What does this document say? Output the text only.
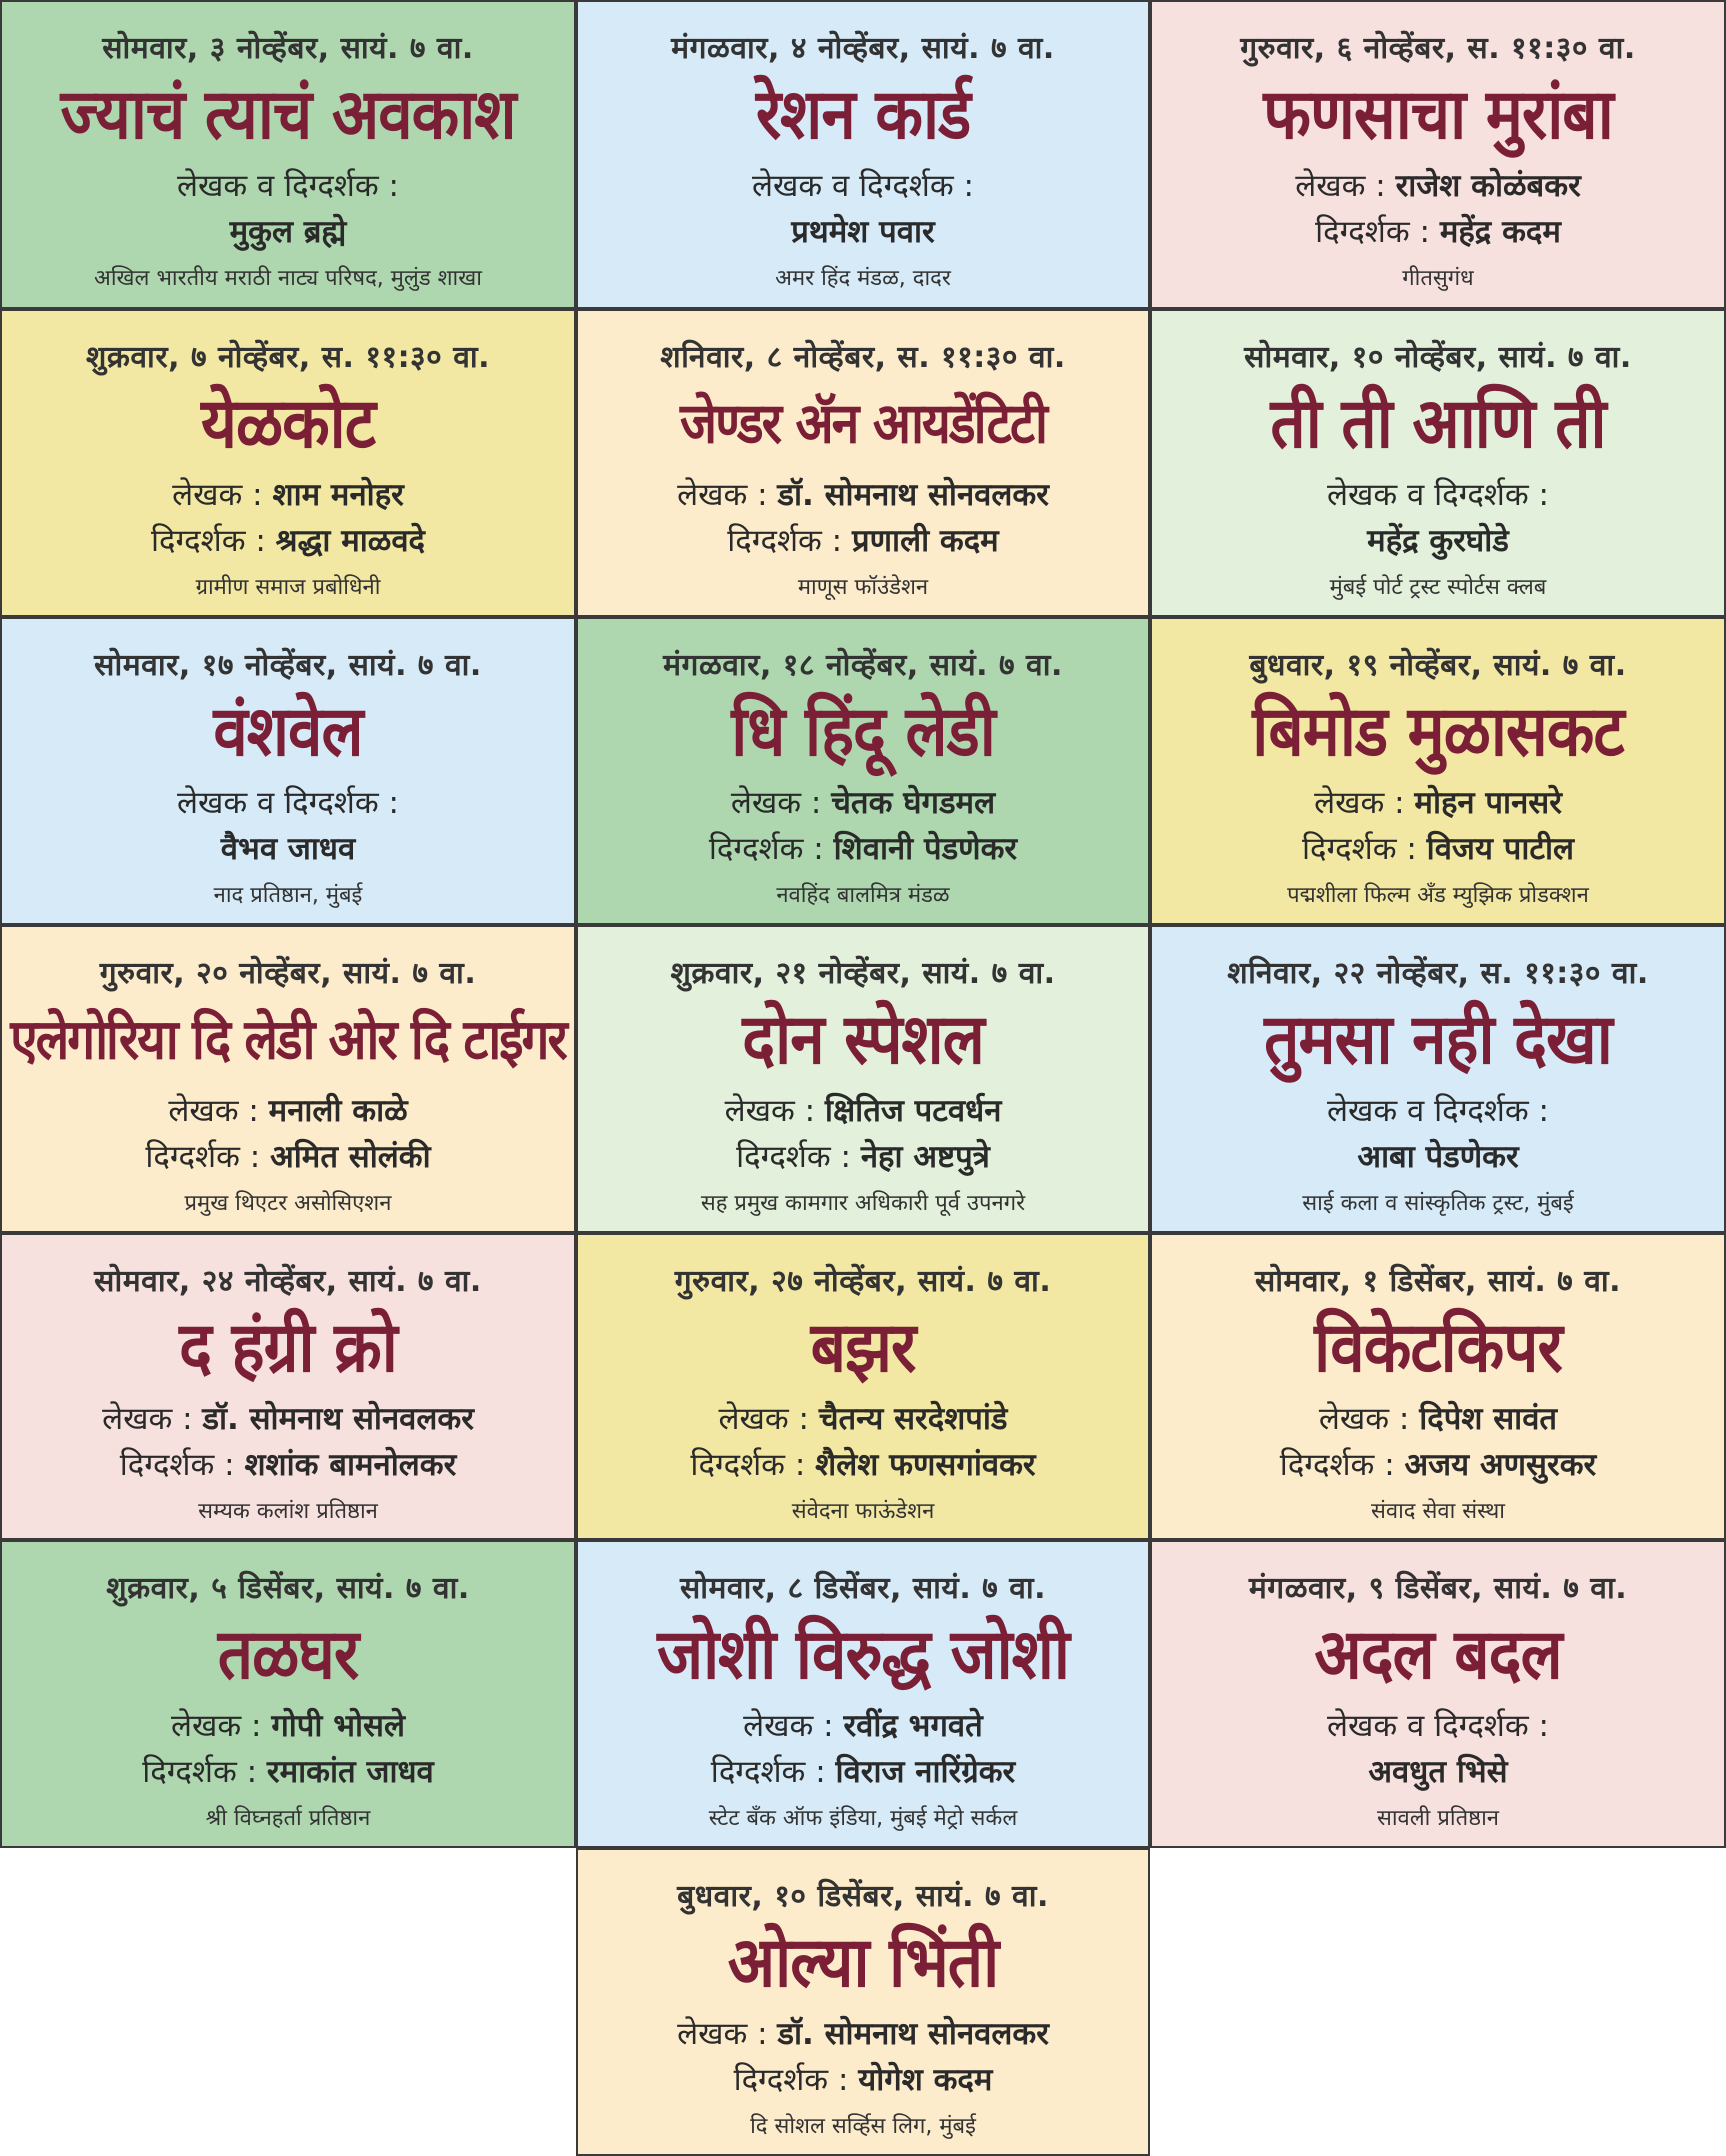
सोमवार, ३ नोव्हेंबर, सायं. ७ वा.
ज्याचं त्याचं अवकाश
लेखक व दिग्दर्शक :
मुकुल ब्रह्मे
अखिल भारतीय मराठी नाट्य परिषद, मुलुंड शाखा
मंगळवार, ४ नोव्हेंबर, सायं. ७ वा.
रेशन कार्ड
लेखक व दिग्दर्शक :
प्रथमेश पवार
अमर हिंद मंडळ, दादर
गुरुवार, ६ नोव्हेंबर, स. ११:३० वा.
फणसाचा मुरांबा
लेखक : राजेश कोळंबकर
दिग्दर्शक : महेंद्र कदम
गीतसुगंध
शुक्रवार, ७ नोव्हेंबर, स. ११:३० वा.
येळकोट
लेखक : शाम मनोहर
दिग्दर्शक : श्रद्धा माळवदे
ग्रामीण समाज प्रबोधिनी
शनिवार, ८ नोव्हेंबर, स. ११:३० वा.
जेण्डर ॲन आयडेंटिटी
लेखक : डॉ. सोमनाथ सोनवलकर
दिग्दर्शक : प्रणाली कदम
माणूस फॉउंडेशन
सोमवार, १० नोव्हेंबर, सायं. ७ वा.
ती ती आणि ती
लेखक व दिग्दर्शक :
महेंद्र कुरघोडे
मुंबई पोर्ट ट्रस्ट स्पोर्टस क्लब
सोमवार, १७ नोव्हेंबर, सायं. ७ वा.
वंशवेल
लेखक व दिग्दर्शक :
वैभव जाधव
नाद प्रतिष्ठान, मुंबई
मंगळवार, १८ नोव्हेंबर, सायं. ७ वा.
धि हिंदू लेडी
लेखक : चेतक घेगडमल
दिग्दर्शक : शिवानी पेडणेकर
नवहिंद बालमित्र मंडळ
बुधवार, १९ नोव्हेंबर, सायं. ७ वा.
बिमोड मुळासकट
लेखक : मोहन पानसरे
दिग्दर्शक : विजय पाटील
पद्मशीला फिल्म अँड म्युझिक प्रोडक्शन
गुरुवार, २० नोव्हेंबर, सायं. ७ वा.
एलेगोरिया दि लेडी ओर दि टाईगर
लेखक : मनाली काळे
दिग्दर्शक : अमित सोलंकी
प्रमुख थिएटर असोसिएशन
शुक्रवार, २१ नोव्हेंबर, सायं. ७ वा.
दोन स्पेशल
लेखक : क्षितिज पटवर्धन
दिग्दर्शक : नेहा अष्टपुत्रे
सह प्रमुख कामगार अधिकारी पूर्व उपनगरे
शनिवार, २२ नोव्हेंबर, स. ११:३० वा.
तुमसा नही देखा
लेखक व दिग्दर्शक :
आबा पेडणेकर
साई कला व सांस्कृतिक ट्रस्ट, मुंबई
सोमवार, २४ नोव्हेंबर, सायं. ७ वा.
द हंग्री क्रो
लेखक : डॉ. सोमनाथ सोनवलकर
दिग्दर्शक : शशांक बामनोलकर
सम्यक कलांश प्रतिष्ठान
गुरुवार, २७ नोव्हेंबर, सायं. ७ वा.
बझर
लेखक : चैतन्य सरदेशपांडे
दिग्दर्शक : शैलेश फणसगांवकर
संवेदना फाऊंडेशन
सोमवार, १ डिसेंबर, सायं. ७ वा.
विकेटकिपर
लेखक : दिपेश सावंत
दिग्दर्शक : अजय अणसुरकर
संवाद सेवा संस्था
शुक्रवार, ५ डिसेंबर, सायं. ७ वा.
तळघर
लेखक : गोपी भोसले
दिग्दर्शक : रमाकांत जाधव
श्री विघ्नहर्ता प्रतिष्ठान
सोमवार, ८ डिसेंबर, सायं. ७ वा.
जोशी विरुद्ध जोशी
लेखक : रवींद्र भगवते
दिग्दर्शक : विराज नारिंग्रेकर
स्टेट बँक ऑफ इंडिया, मुंबई मेट्रो सर्कल
मंगळवार, ९ डिसेंबर, सायं. ७ वा.
अदल बदल
लेखक व दिग्दर्शक :
अवधुत भिसे
सावली प्रतिष्ठान
बुधवार, १० डिसेंबर, सायं. ७ वा.
ओल्या भिंती
लेखक : डॉ. सोमनाथ सोनवलकर
दिग्दर्शक : योगेश कदम
दि सोशल सर्व्हिस लिग, मुंबई
